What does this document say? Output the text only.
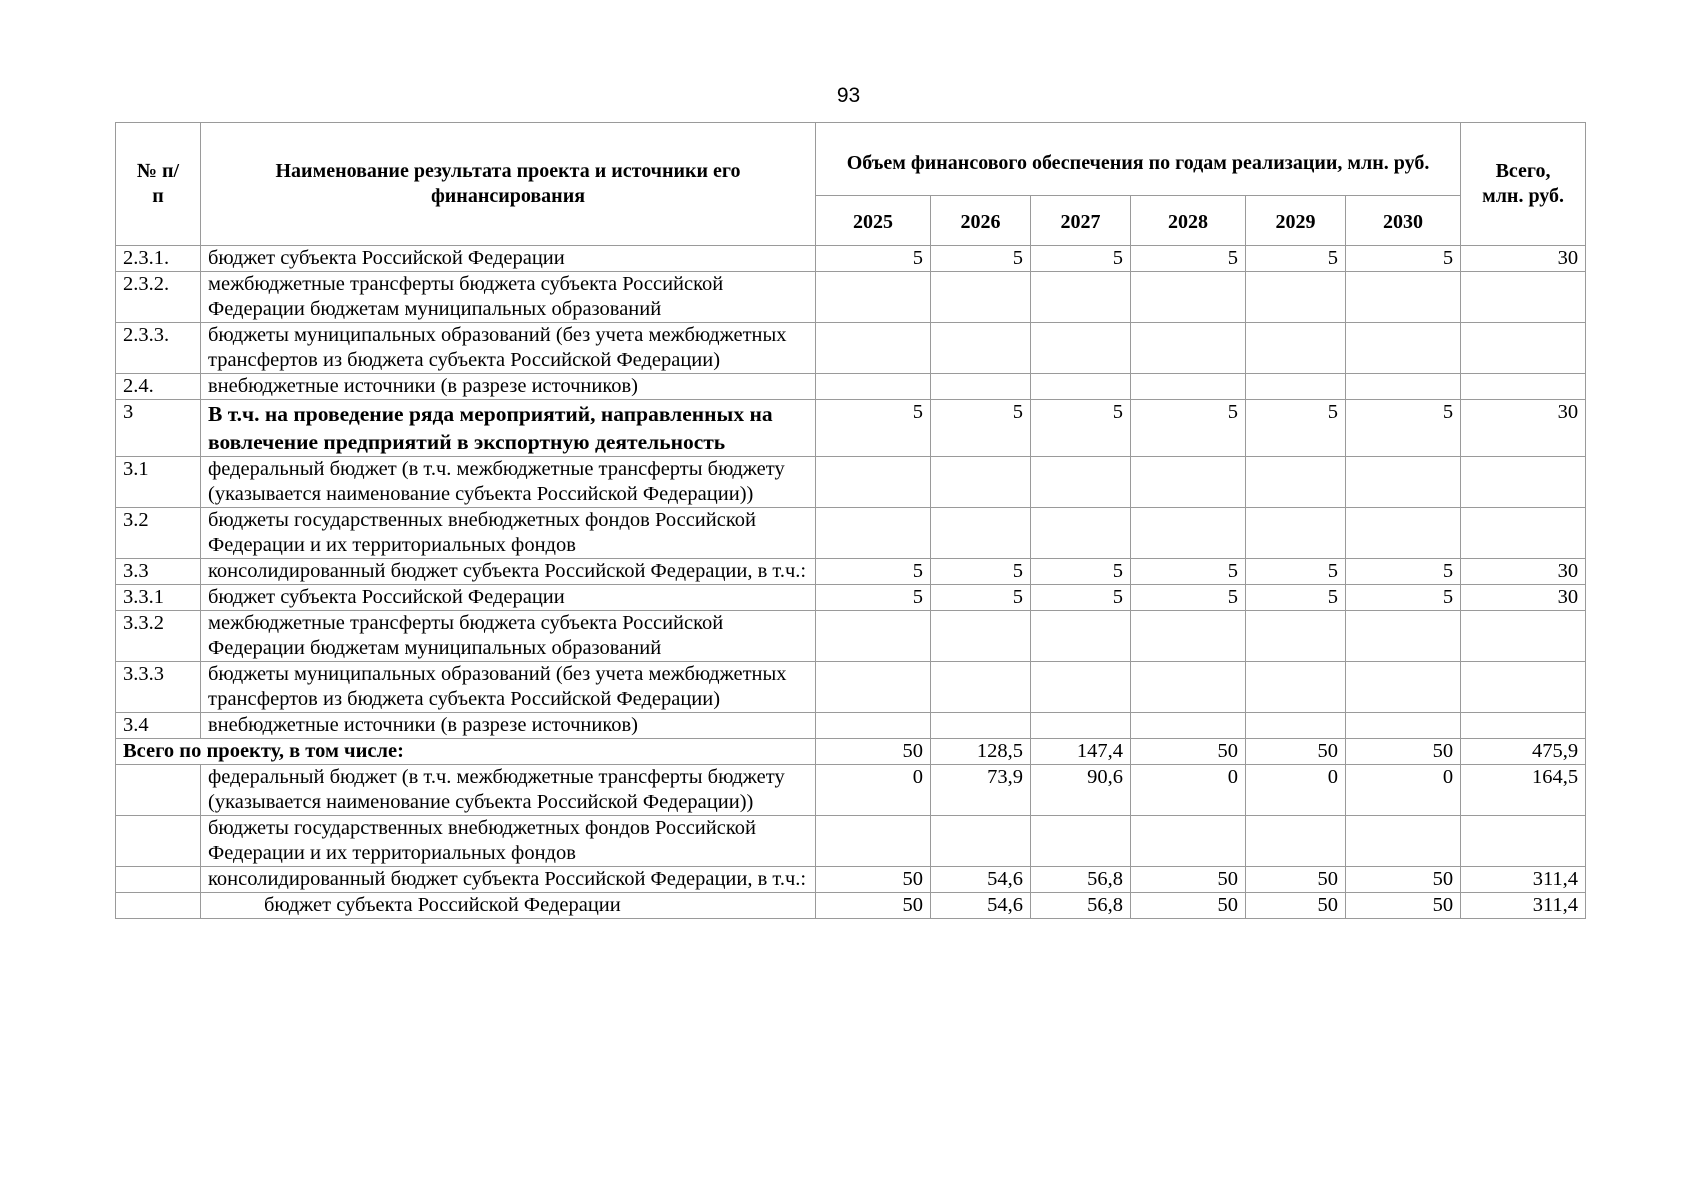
93
№ п/п	Наименование результата проекта и источники его финансирования	Объем финансового обеспечения по годам реализации, млн. руб.						Всего, млн. руб.
		2025	2026	2027	2028	2029	2030	
2.3.1.	бюджет субъекта Российской Федерации	5	5	5	5	5	5	30
2.3.2.	межбюджетные трансферты бюджета субъекта Российской Федерации бюджетам муниципальных образований							
2.3.3.	бюджеты муниципальных образований (без учета межбюджетных трансфертов из бюджета субъекта Российской Федерации)							
2.4.	внебюджетные источники (в разрезе источников)							
3	В т.ч. на проведение ряда мероприятий, направленных на вовлечение предприятий в экспортную деятельность	5	5	5	5	5	5	30
3.1	федеральный бюджет (в т.ч. межбюджетные трансферты бюджету (указывается наименование субъекта Российской Федерации))							
3.2	бюджеты государственных внебюджетных фондов Российской Федерации и их территориальных фондов							
3.3	консолидированный бюджет субъекта Российской Федерации, в т.ч.:	5	5	5	5	5	5	30
3.3.1	бюджет субъекта Российской Федерации	5	5	5	5	5	5	30
3.3.2	межбюджетные трансферты бюджета субъекта Российской Федерации бюджетам муниципальных образований							
3.3.3	бюджеты муниципальных образований (без учета межбюджетных трансфертов из бюджета субъекта Российской Федерации)							
3.4	внебюджетные источники (в разрезе источников)							
Всего по проекту, в том числе:		50	128,5	147,4	50	50	50	475,9
	федеральный бюджет (в т.ч. межбюджетные трансферты бюджету (указывается наименование субъекта Российской Федерации))	0	73,9	90,6	0	0	0	164,5
	бюджеты государственных внебюджетных фондов Российской Федерации и их территориальных фондов							
	консолидированный бюджет субъекта Российской Федерации, в т.ч.:	50	54,6	56,8	50	50	50	311,4
	бюджет субъекта Российской Федерации	50	54,6	56,8	50	50	50	311,4
